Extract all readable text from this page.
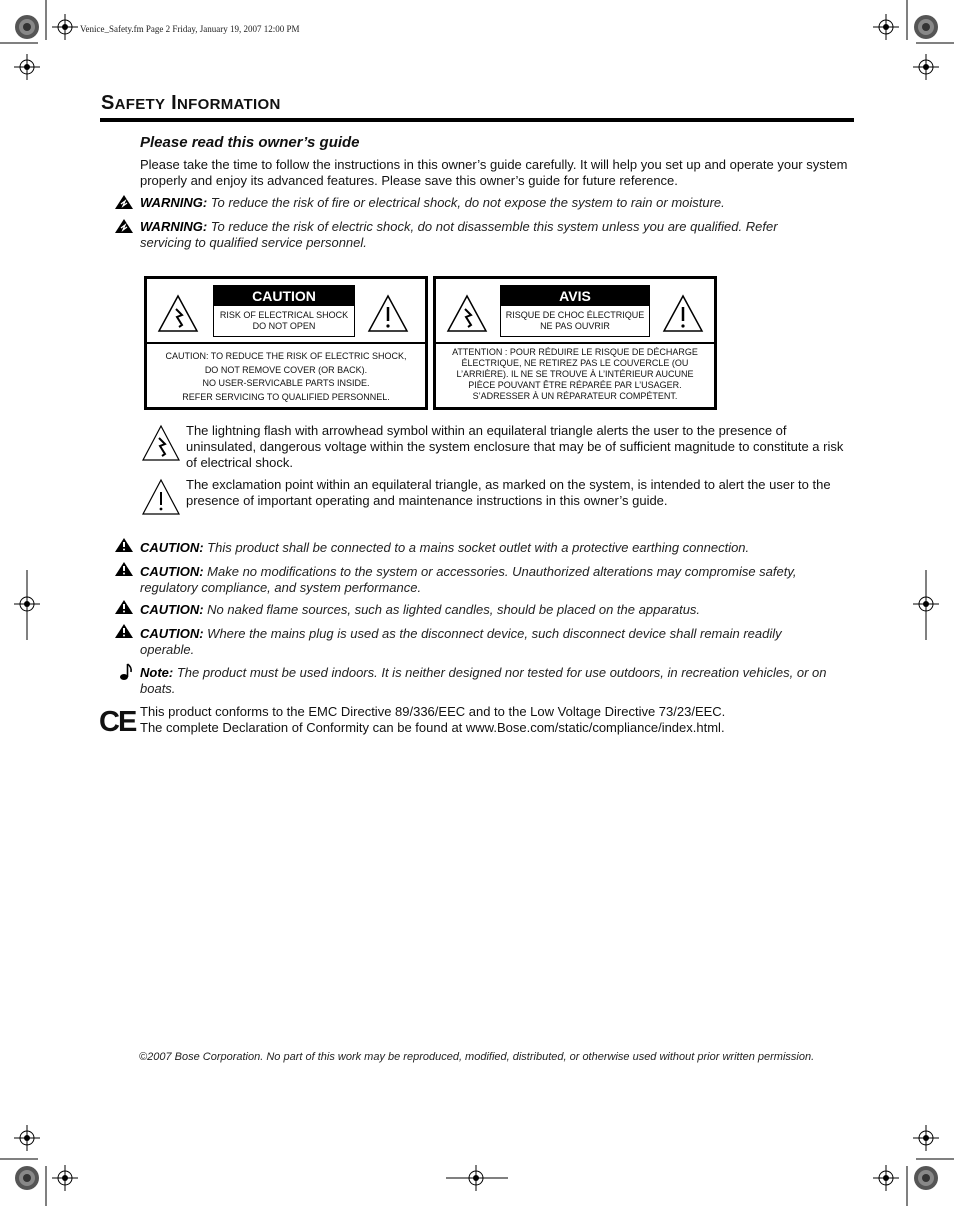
Venice_Safety.fm Page 2 Friday, January 19, 2007 12:00 PM
SAFETY INFORMATION
Please read this owner’s guide
Please take the time to follow the instructions in this owner’s guide carefully. It will help you set up and operate your system properly and enjoy its advanced features. Please save this owner’s guide for future reference.
WARNING: To reduce the risk of fire or electrical shock, do not expose the system to rain or moisture.
WARNING: To reduce the risk of electric shock, do not disassemble this system unless you are qualified. Refer servicing to qualified service personnel.
CAUTION
RISK OF ELECTRICAL SHOCK
DO NOT OPEN
CAUTION: TO REDUCE THE RISK OF ELECTRIC SHOCK,
DO NOT REMOVE COVER (OR BACK).
NO USER-SERVICABLE PARTS INSIDE.
REFER SERVICING TO QUALIFIED PERSONNEL.
AVIS
RISQUE DE CHOC ÉLECTRIQUE
NE PAS OUVRIR
ATTENTION : POUR RÉDUIRE LE RISQUE DE DÉCHARGE
ÉLECTRIQUE, NE RETIREZ PAS LE COUVERCLE (OU
L’ARRIÈRE). IL NE SE TROUVE À L’INTÉRIEUR AUCUNE
PIÈCE POUVANT ÊTRE RÉPARÉE PAR L’USAGER.
S’ADRESSER À UN RÉPARATEUR COMPÉTENT.
The lightning flash with arrowhead symbol within an equilateral triangle alerts the user to the presence of uninsulated, dangerous voltage within the system enclosure that may be of sufficient magnitude to constitute a risk of electrical shock.
The exclamation point within an equilateral triangle, as marked on the system, is intended to alert the user to the presence of important operating and maintenance instructions in this owner’s guide.
CAUTION: This product shall be connected to a mains socket outlet with a protective earthing connection.
CAUTION: Make no modifications to the system or accessories. Unauthorized alterations may compromise safety, regulatory compliance, and system performance.
CAUTION: No naked flame sources, such as lighted candles, should be placed on the apparatus.
CAUTION: Where the mains plug is used as the disconnect device, such disconnect device shall remain readily operable.
Note: The product must be used indoors. It is neither designed nor tested for use outdoors, in recreation vehicles, or on boats.
CE This product conforms to the EMC Directive 89/336/EEC and to the Low Voltage Directive 73/23/EEC.
The complete Declaration of Conformity can be found at www.Bose.com/static/compliance/index.html.
©2007 Bose Corporation. No part of this work may be reproduced, modified, distributed, or otherwise used without prior written permission.
